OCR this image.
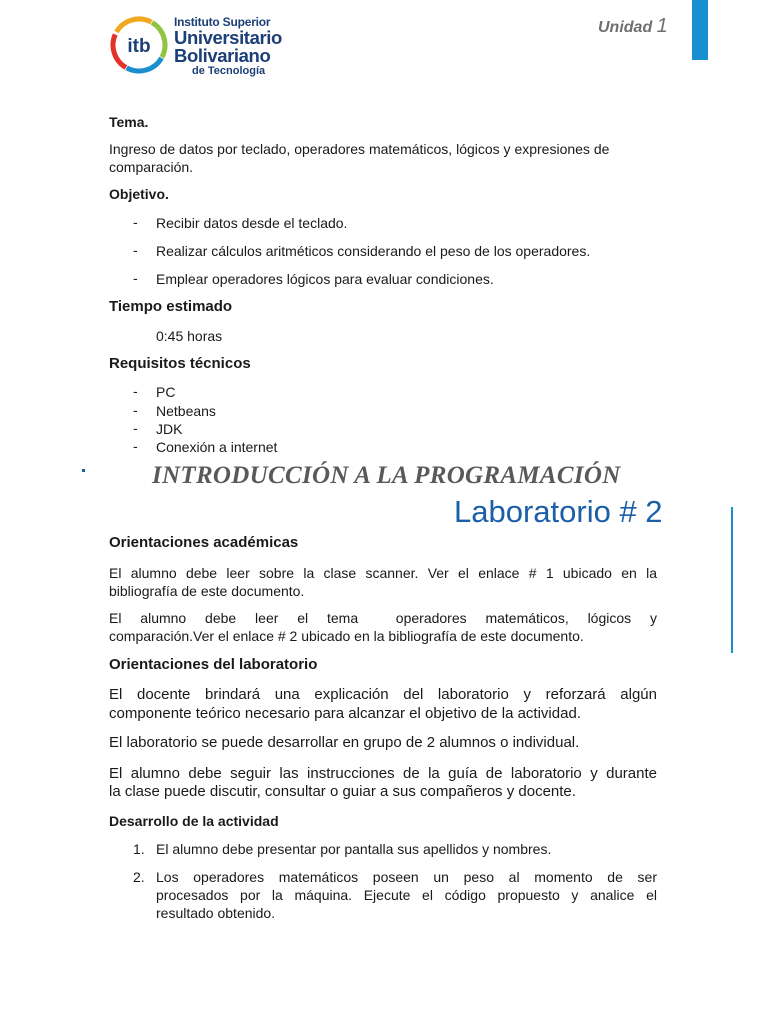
itb
Instituto Superior
Universitario
Bolivariano
de Tecnología
Unidad 1
Tema.
Ingreso de datos por teclado, operadores matemáticos, lógicos y expresiones de
comparación.
Objetivo.
- Recibir datos desde el teclado.
- Realizar cálculos aritméticos considerando el peso de los operadores.
- Emplear operadores lógicos para evaluar condiciones.
Tiempo estimado
0:45 horas
Requisitos técnicos
- PC
- Netbeans
- JDK
- Conexión a internet
INTRODUCCIÓN A LA PROGRAMACIÓN
Laboratorio # 2
Orientaciones académicas
El alumno debe leer sobre la clase scanner. Ver el enlace # 1 ubicado en la
bibliografía de este documento.
El alumno debe leer el tema  operadores matemáticos, lógicos y
comparación.Ver el enlace # 2 ubicado en la bibliografía de este documento.
Orientaciones del laboratorio
El docente brindará una explicación del laboratorio y reforzará algún
componente teórico necesario para alcanzar el objetivo de la actividad.
El laboratorio se puede desarrollar en grupo de 2 alumnos o individual.
El alumno debe seguir las instrucciones de la guía de laboratorio y durante
la clase puede discutir, consultar o guiar a sus compañeros y docente.
Desarrollo de la actividad
1. El alumno debe presentar por pantalla sus apellidos y nombres.
2. Los operadores matemáticos poseen un peso al momento de ser
procesados por la máquina. Ejecute el código propuesto y analice el
resultado obtenido.
